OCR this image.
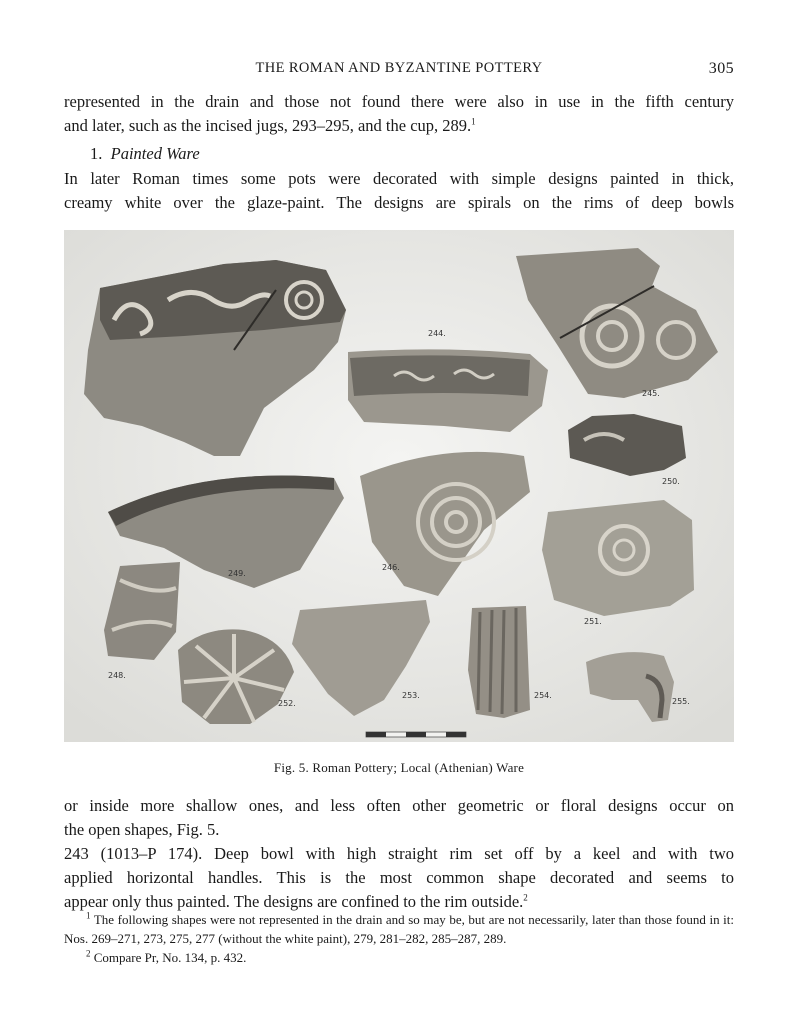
THE ROMAN AND BYZANTINE POTTERY	305
represented in the drain and those not found there were also in use in the fifth century
and later, such as the incised jugs, 293–295, and the cup, 289.$^1$
1. Painted Ware
In later Roman times some pots were decorated with simple designs painted in thick,
creamy white over the glaze-paint. The designs are spirals on the rims of deep bowls
244.
245.
250.
249.
246.
251.
248.
252.
253.	254.
255.
Fig. 5. Roman Pottery; Local (Athenian) Ware
or inside more shallow ones, and less often other geometric or floral designs occur on
the open shapes, Fig. 5.
243 (1013–P 174). Deep bowl with high straight rim set off by a keel and with two
applied horizontal handles. This is the most common shape decorated and seems to
appear only thus painted. The designs are confined to the rim outside.$^2$
$^1$ The following shapes were not represented in the drain and so may be, but are not necessarily, later than those found in it: Nos. 269–271, 273, 275, 277 (without the white paint), 279, 281–282, 285–287, 289.
$^2$ Compare Pr, No. 134, p. 432.
